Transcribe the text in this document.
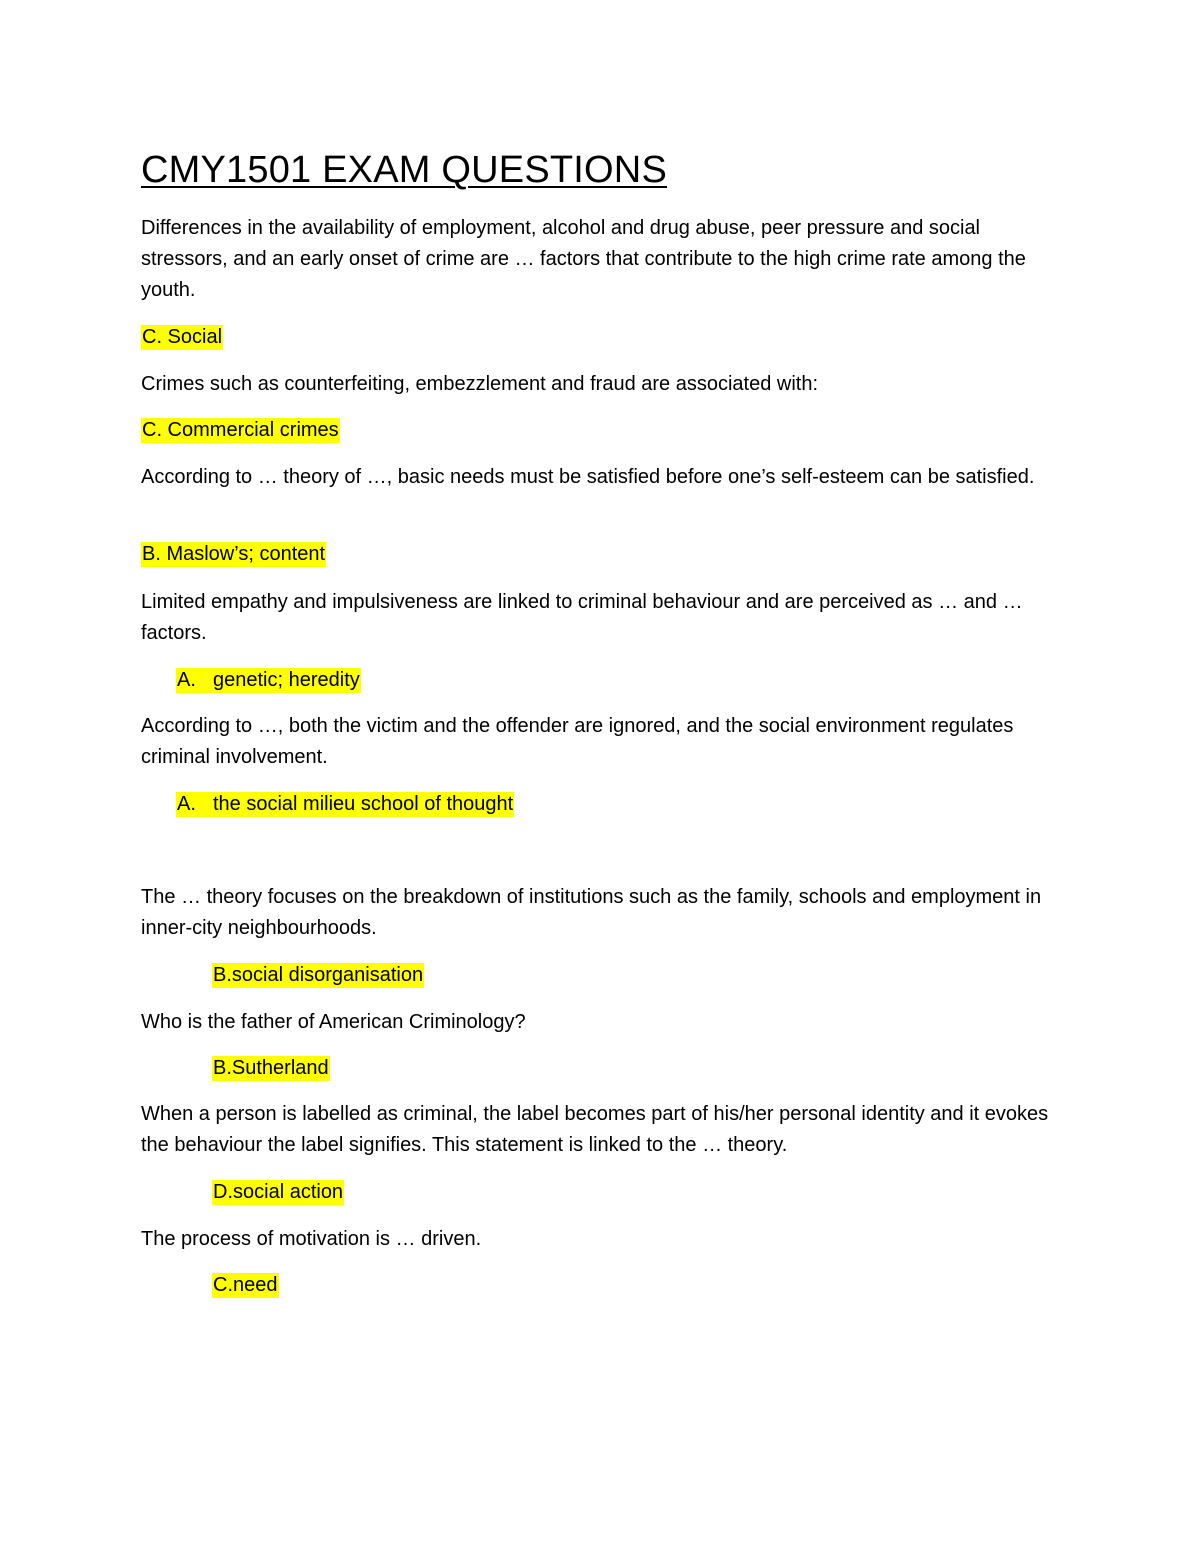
CMY1501 EXAM QUESTIONS
Differences in the availability of employment, alcohol and drug abuse, peer pressure and social stressors, and an early onset of crime are … factors that contribute to the high crime rate among the youth.
C. Social
Crimes such as counterfeiting, embezzlement and fraud are associated with:
C. Commercial crimes
According to … theory of …, basic needs must be satisfied before one’s self-esteem can be satisfied.
B. Maslow’s; content
Limited empathy and impulsiveness are linked to criminal behaviour and are perceived as … and … factors.
A. genetic; heredity
According to …, both the victim and the offender are ignored, and the social environment regulates criminal involvement.
A. the social milieu school of thought
The … theory focuses on the breakdown of institutions such as the family, schools and employment in inner-city neighbourhoods.
B.social disorganisation
Who is the father of American Criminology?
B.Sutherland
When a person is labelled as criminal, the label becomes part of his/her personal identity and it evokes the behaviour the label signifies. This statement is linked to the … theory.
D.social action
The process of motivation is … driven.
C.need
